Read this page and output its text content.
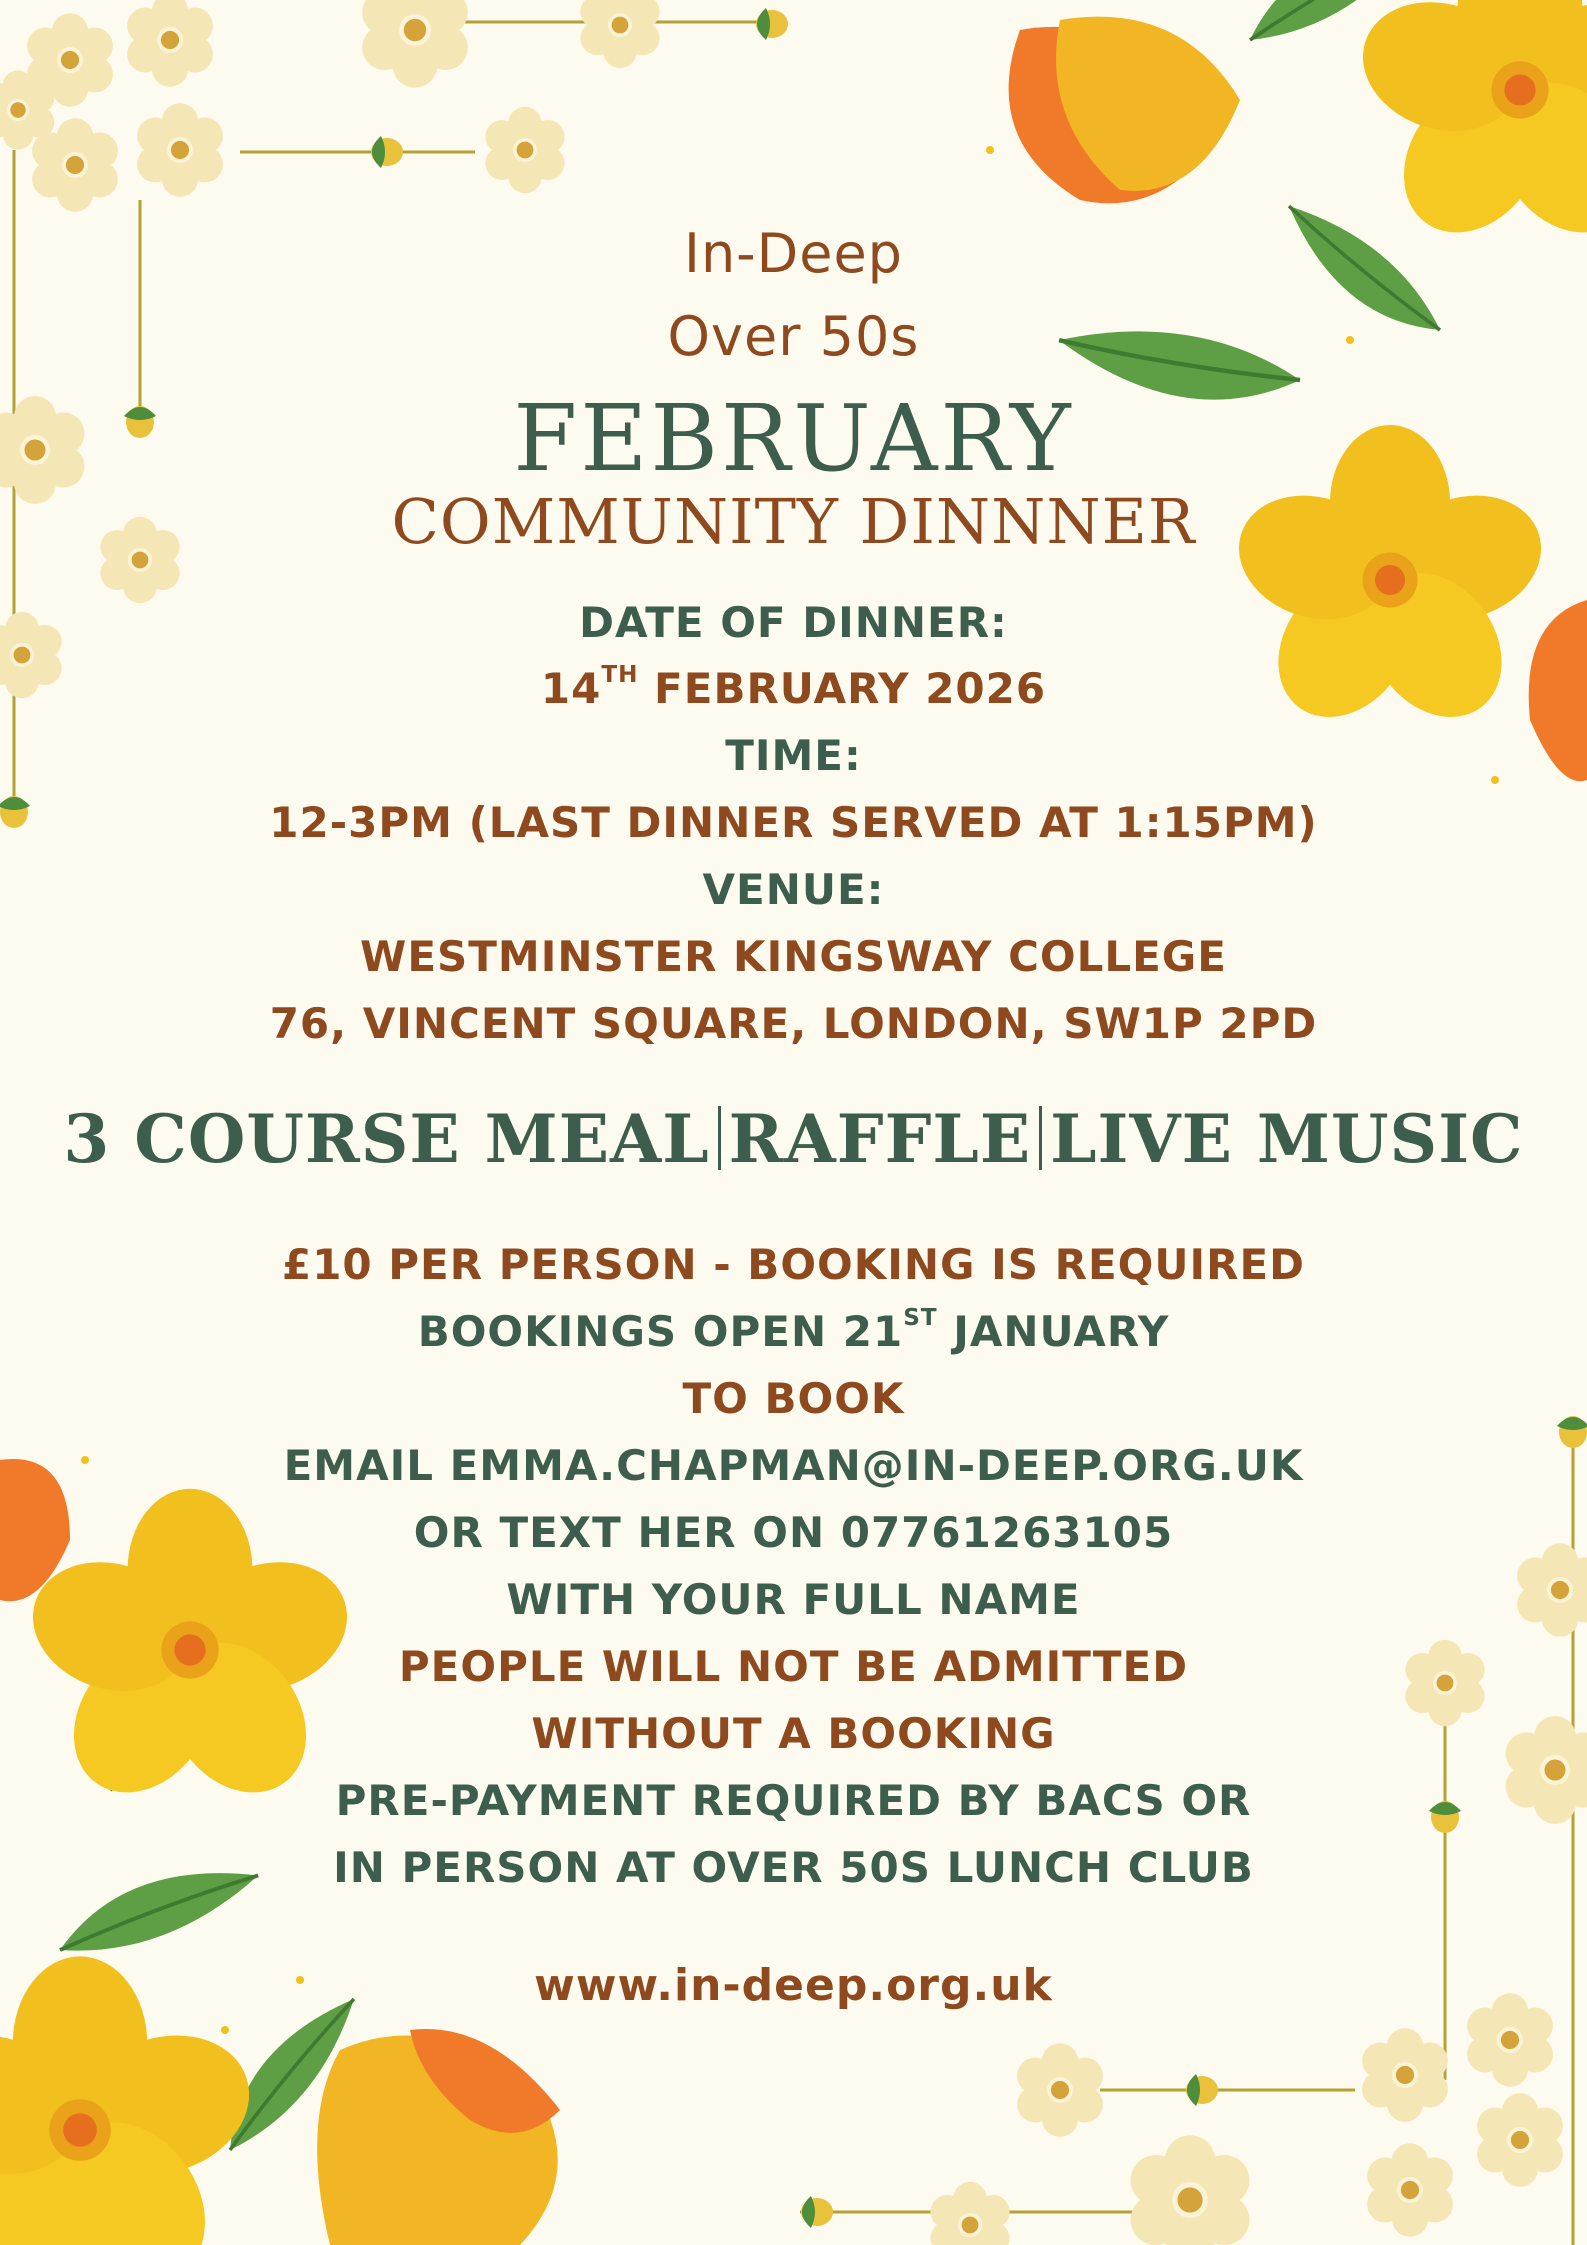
In-Deep
Over 50s
FEBRUARY
COMMUNITY DINNNER
DATE OF DINNER:
14TH FEBRUARY 2026
TIME:
12-3PM (LAST DINNER SERVED AT 1:15PM)
VENUE:
WESTMINSTER KINGSWAY COLLEGE
76, VINCENT SQUARE, LONDON, SW1P 2PD
3 COURSE MEAL RAFFLE LIVE MUSIC
£10 PER PERSON - BOOKING IS REQUIRED
BOOKINGS OPEN 21ST JANUARY
TO BOOK
EMAIL EMMA.CHAPMAN@IN-DEEP.ORG.UK
OR TEXT HER ON 07761263105
WITH YOUR FULL NAME
PEOPLE WILL NOT BE ADMITTED
WITHOUT A BOOKING
PRE-PAYMENT REQUIRED BY BACS OR
IN PERSON AT OVER 50S LUNCH CLUB
www.in-deep.org.uk
